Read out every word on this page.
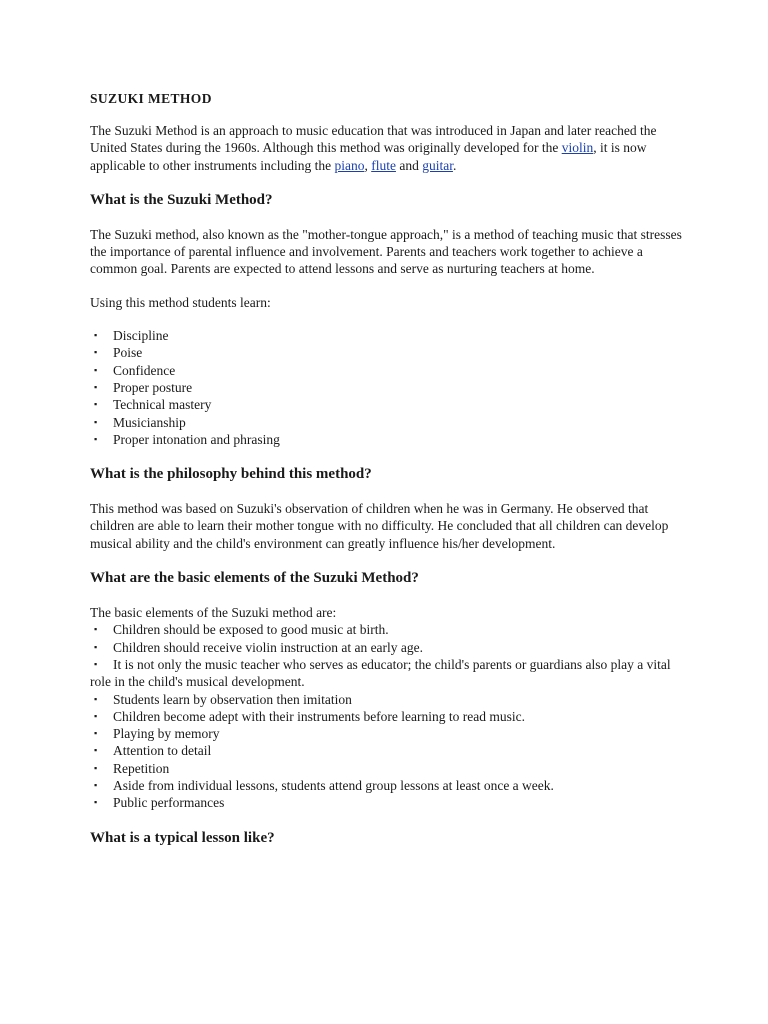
SUZUKI METHOD

The Suzuki Method is an approach to music education that was introduced in Japan and later reached the United States during the 1960s. Although this method was originally developed for the violin, it is now applicable to other instruments including the piano, flute and guitar.

What is the Suzuki Method?

The Suzuki method, also known as the "mother-tongue approach," is a method of teaching music that stresses the importance of parental influence and involvement. Parents and teachers work together to achieve a common goal. Parents are expected to attend lessons and serve as nurturing teachers at home.

Using this method students learn:

▪ Discipline
▪ Poise
▪ Confidence
▪ Proper posture
▪ Technical mastery
▪ Musicianship
▪ Proper intonation and phrasing
What is the philosophy behind this method?

This method was based on Suzuki's observation of children when he was in Germany. He observed that children are able to learn their mother tongue with no difficulty. He concluded that all children can develop musical ability and the child's environment can greatly influence his/her development.

What are the basic elements of the Suzuki Method?

The basic elements of the Suzuki method are:

▪ Children should be exposed to good music at birth.
▪ Children should receive violin instruction at an early age.
▪ It is not only the music teacher who serves as educator; the child's parents or guardians also play a vital role in the child's musical development.
▪ Students learn by observation then imitation
▪ Children become adept with their instruments before learning to read music.
▪ Playing by memory
▪ Attention to detail
▪ Repetition
▪ Aside from individual lessons, students attend group lessons at least once a week.
▪ Public performances
What is a typical lesson like?
